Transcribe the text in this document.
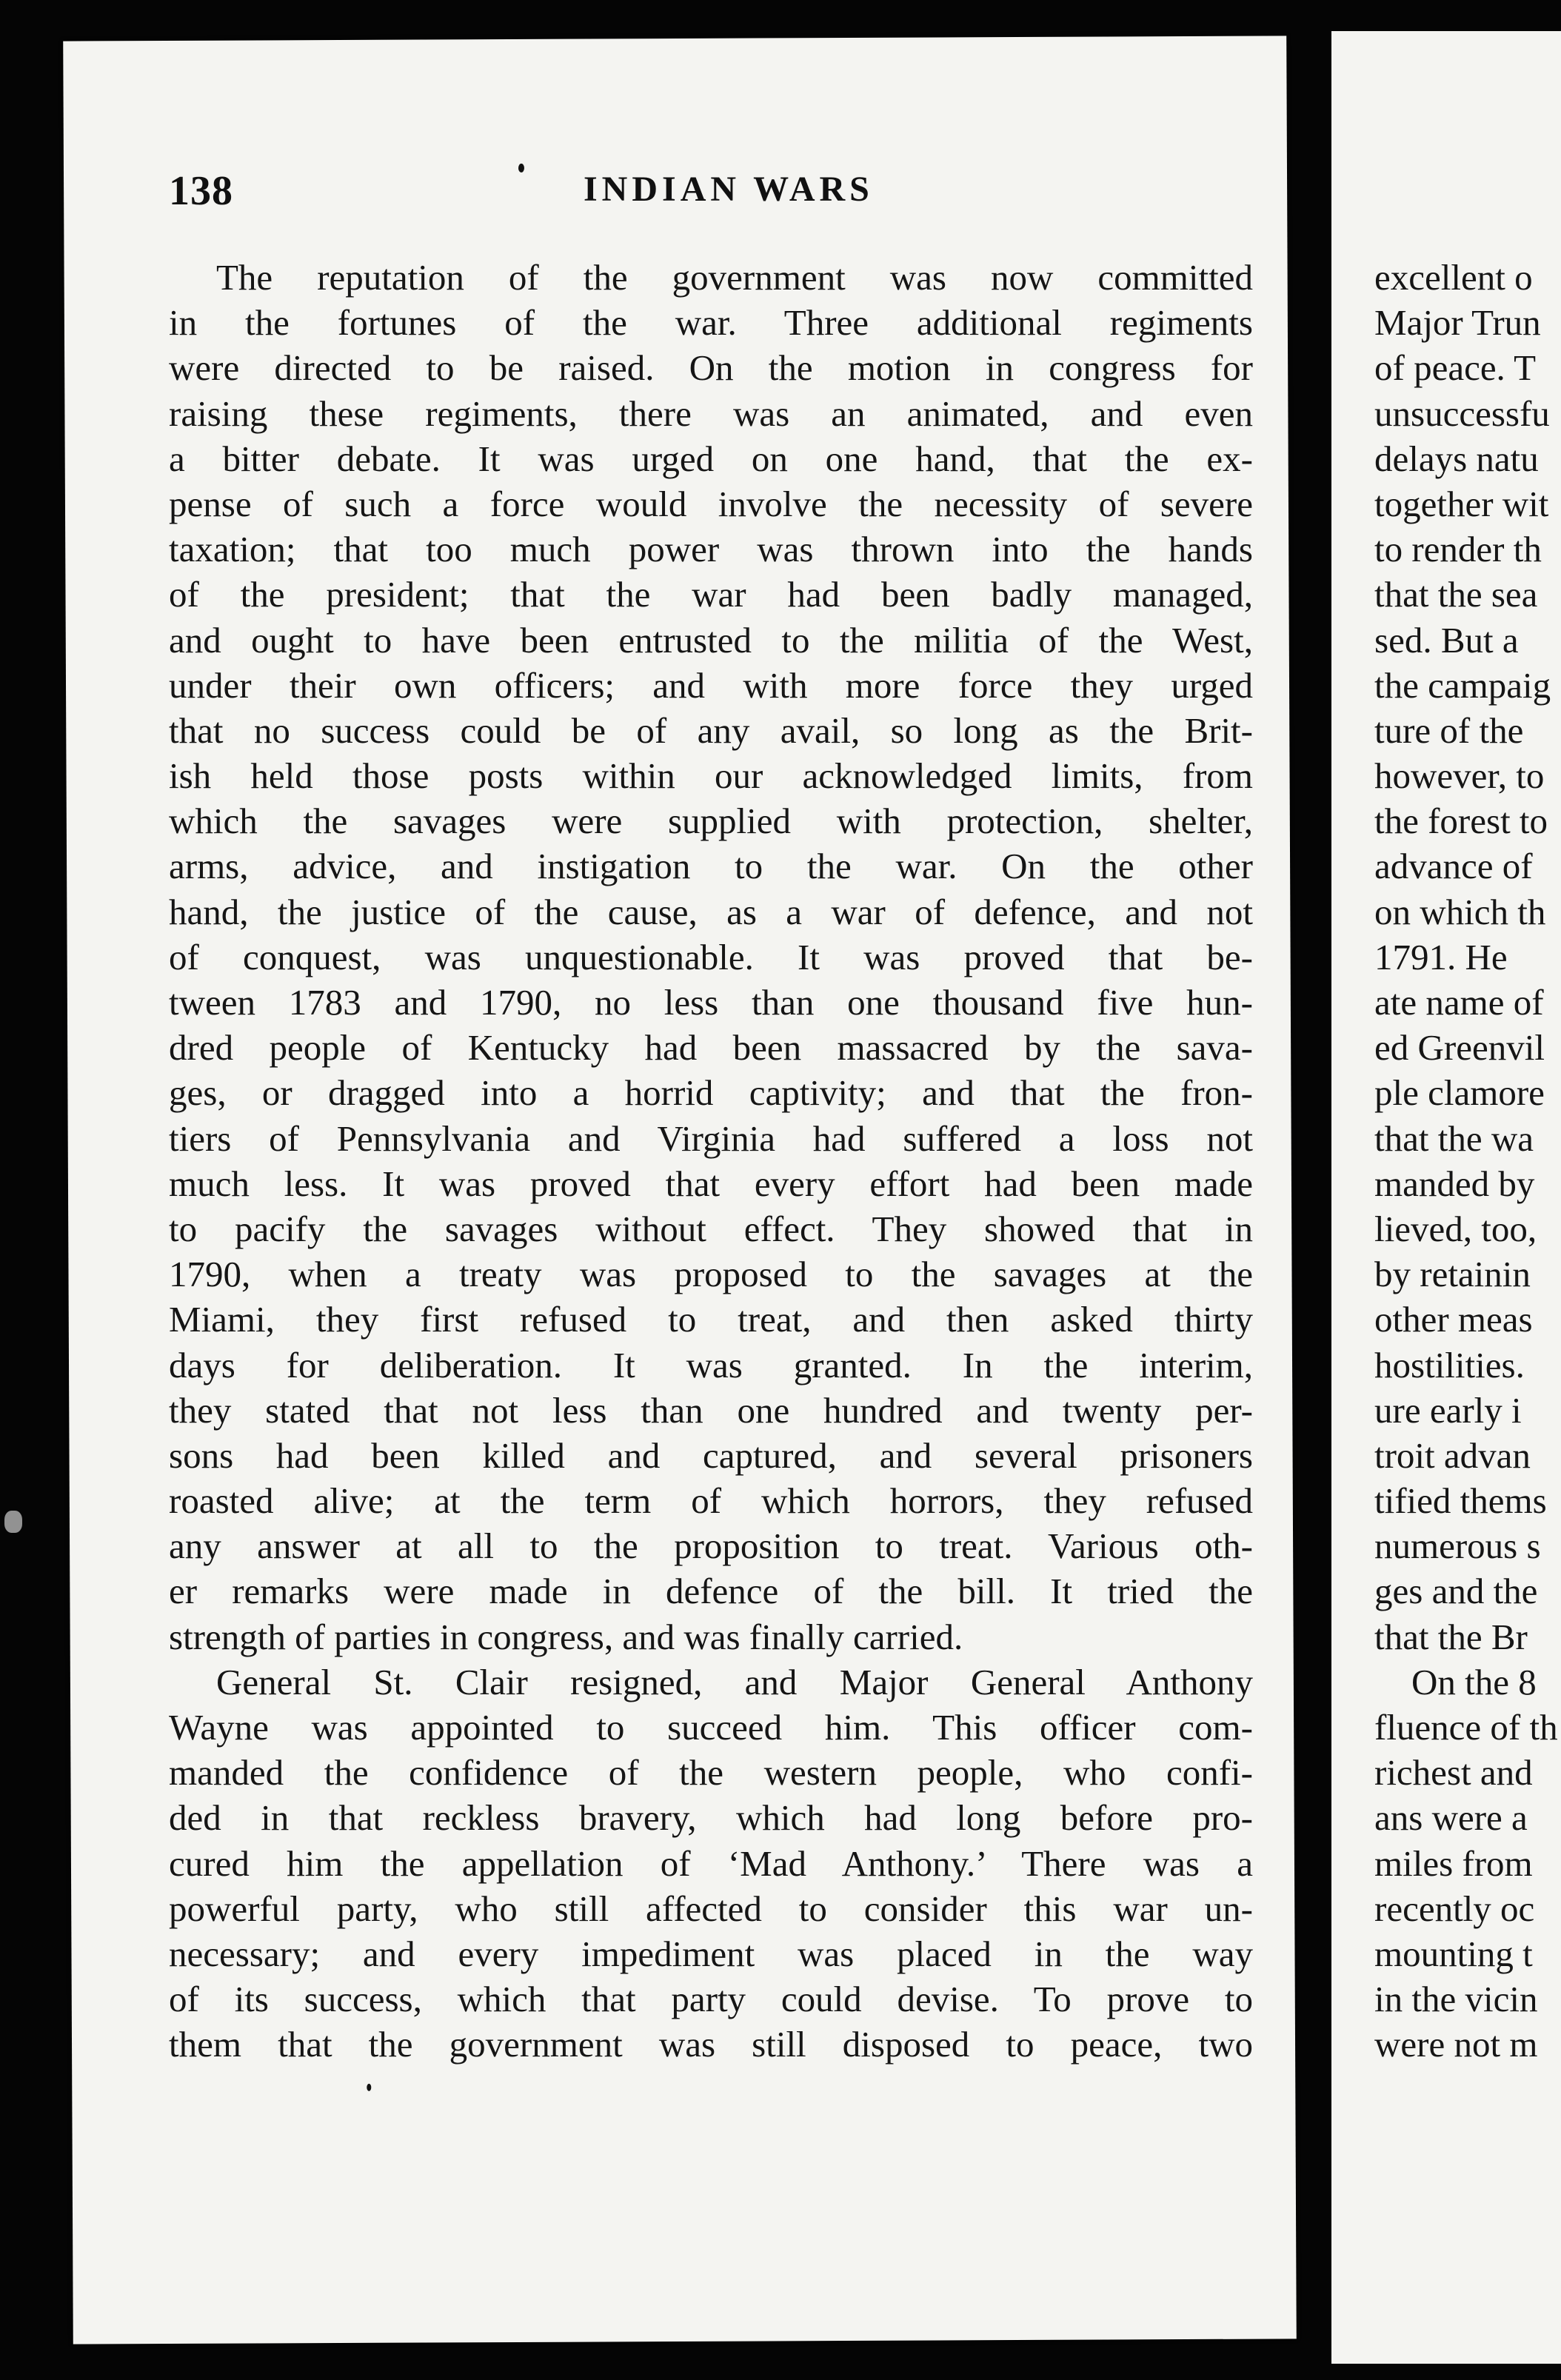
138	INDIAN WARS
The reputation of the government was now committed
in the fortunes of the war. Three additional regiments
were directed to be raised. On the motion in congress for
raising these regiments, there was an animated, and even
a bitter debate. It was urged on one hand, that the ex-
pense of such a force would involve the necessity of severe
taxation; that too much power was thrown into the hands
of the president; that the war had been badly managed,
and ought to have been entrusted to the militia of the West,
under their own officers; and with more force they urged
that no success could be of any avail, so long as the Brit-
ish held those posts within our acknowledged limits, from
which the savages were supplied with protection, shelter,
arms, advice, and instigation to the war. On the other
hand, the justice of the cause, as a war of defence, and not
of conquest, was unquestionable. It was proved that be-
tween 1783 and 1790, no less than one thousand five hun-
dred people of Kentucky had been massacred by the sava-
ges, or dragged into a horrid captivity; and that the fron-
tiers of Pennsylvania and Virginia had suffered a loss not
much less. It was proved that every effort had been made
to pacify the savages without effect. They showed that in
1790, when a treaty was proposed to the savages at the
Miami, they first refused to treat, and then asked thirty
days for deliberation. It was granted. In the interim,
they stated that not less than one hundred and twenty per-
sons had been killed and captured, and several prisoners
roasted alive; at the term of which horrors, they refused
any answer at all to the proposition to treat. Various oth-
er remarks were made in defence of the bill. It tried the
strength of parties in congress, and was finally carried.
General St. Clair resigned, and Major General Anthony
Wayne was appointed to succeed him. This officer com-
manded the confidence of the western people, who confi-
ded in that reckless bravery, which had long before pro-
cured him the appellation of ‘Mad Anthony.’ There was a
powerful party, who still affected to consider this war un-
necessary; and every impediment was placed in the way
of its success, which that party could devise. To prove to
them that the government was still disposed to peace, two
excellent o
Major Trun
of peace. T
unsuccessfu
delays natu
together wit
to render th
that the sea
sed. But a
the campaig
ture of the
however, to
the forest to
advance of
on which th
1791. He
ate name of
ed Greenvil
ple clamore
that the wa
manded by
lieved, too,
by retainin
other meas
hostilities.
ure early i
troit advan
tified thems
numerous s
ges and the
that the Br
On the 8
fluence of th
richest and
ans were a
miles from
recently oc
mounting t
in the vicin
were not m
